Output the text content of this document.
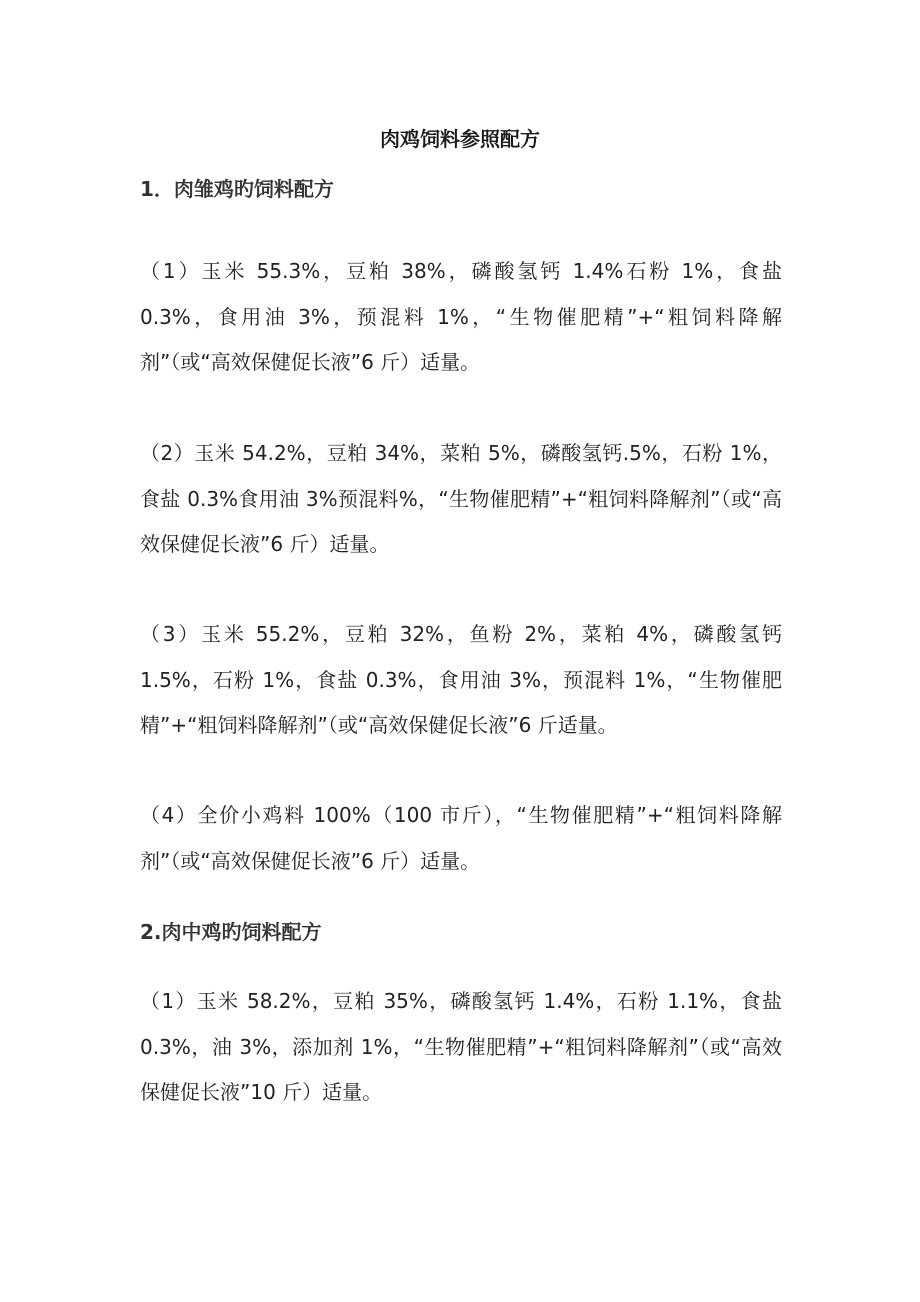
肉鸡饲料参照配方
1．肉雏鸡旳饲料配方

（1）玉米 55.3%，豆粕 38%，磷酸氢钙 1.4%石粉 1%，食盐 0.3%，食用油 3%，预混料 1%，“生物催肥精”+“粗饲料降解剂”（或“高效保健促长液”6 斤）适量。

（2）玉米 54.2%，豆粕 34%，菜粕 5%，磷酸氢钙.5%，石粉 1%，食盐 0.3%食用油 3%预混料%，“生物催肥精”+“粗饲料降解剂”（或“高效保健促长液”6 斤）适量。

（3）玉米 55.2%，豆粕 32%，鱼粉 2%，菜粕 4%，磷酸氢钙 1.5%，石粉 1%，食盐 0.3%，食用油 3%，预混料 1%，“生物催肥精”+“粗饲料降解剂”（或“高效保健促长液”6 斤适量。

（4）全价小鸡料 100%（100 市斤），“生物催肥精”+“粗饲料降解剂”（或“高效保健促长液”6 斤）适量。

2.肉中鸡旳饲料配方

（1）玉米 58.2%，豆粕 35%，磷酸氢钙 1.4%，石粉 1.1%，食盐 0.3%，油 3%，添加剂 1%，“生物催肥精”+“粗饲料降解剂”（或“高效保健促长液”10 斤）适量。
